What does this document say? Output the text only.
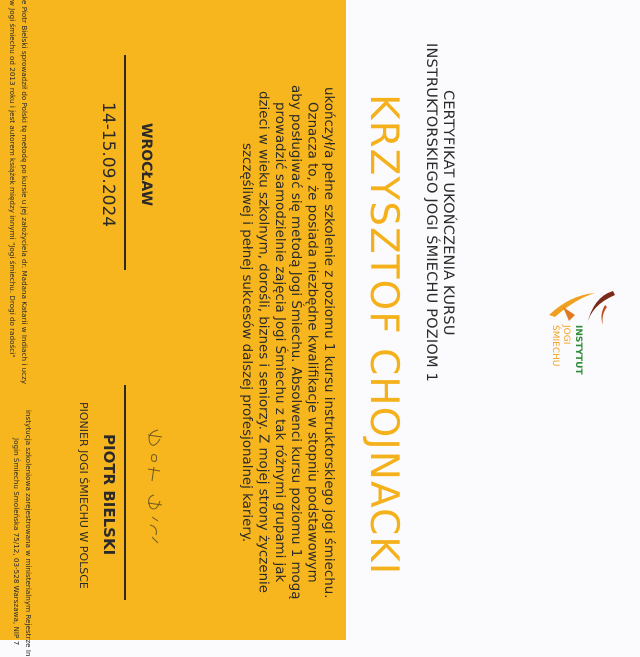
INSTYTUT
JOGI
ŚMIECHU
CERTYFIKAT UKOŃCZENIA KURSU
INSTRUKTORSKIEGO JOGI ŚMIECHU POZIOM 1
KRZYSZTOF CHOJNACKI
ukończył/a pełne szkolenie z poziomu 1 kursu instruktorskiego jogi śmiechu.
Oznacza to, że posiada niezbędne kwalifikacje w stopniu podstawowym
aby posługiwać się metodą Jogi Śmiechu. Absolwenci kursu poziomu 1 mogą
prowadzić samodzielnie zajęcia Jogi Śmiechu z tak różnymi grupami jak
dzieci w wieku szkolnym, dorośli, biznes i seniorzy. Z mojej strony życzenie
szczęśliwej i pełnej sukcesów dalszej profesjonalnej kariery.
WROCŁAW
14-15.09.2024
PIOTR BIELSKI
PIONIER JOGI ŚMIECHU W POLSCE
e Piotr Bielski sprowadził do Polski tę metodę po kursie u jej założyciela dr. Madana Katarii w Indiach i uczy
w Jogi śmiechu od 2013 roku i jest autorem książek między innymi "Jogi śmiechu. Drogi do radości"
instytucja szkoleniowa zarejestrowana w ministerialnym Rejestrze In
Jogin Śmiechu Smoleńska 75/12, 03-528 Warszawa, NIP 7
